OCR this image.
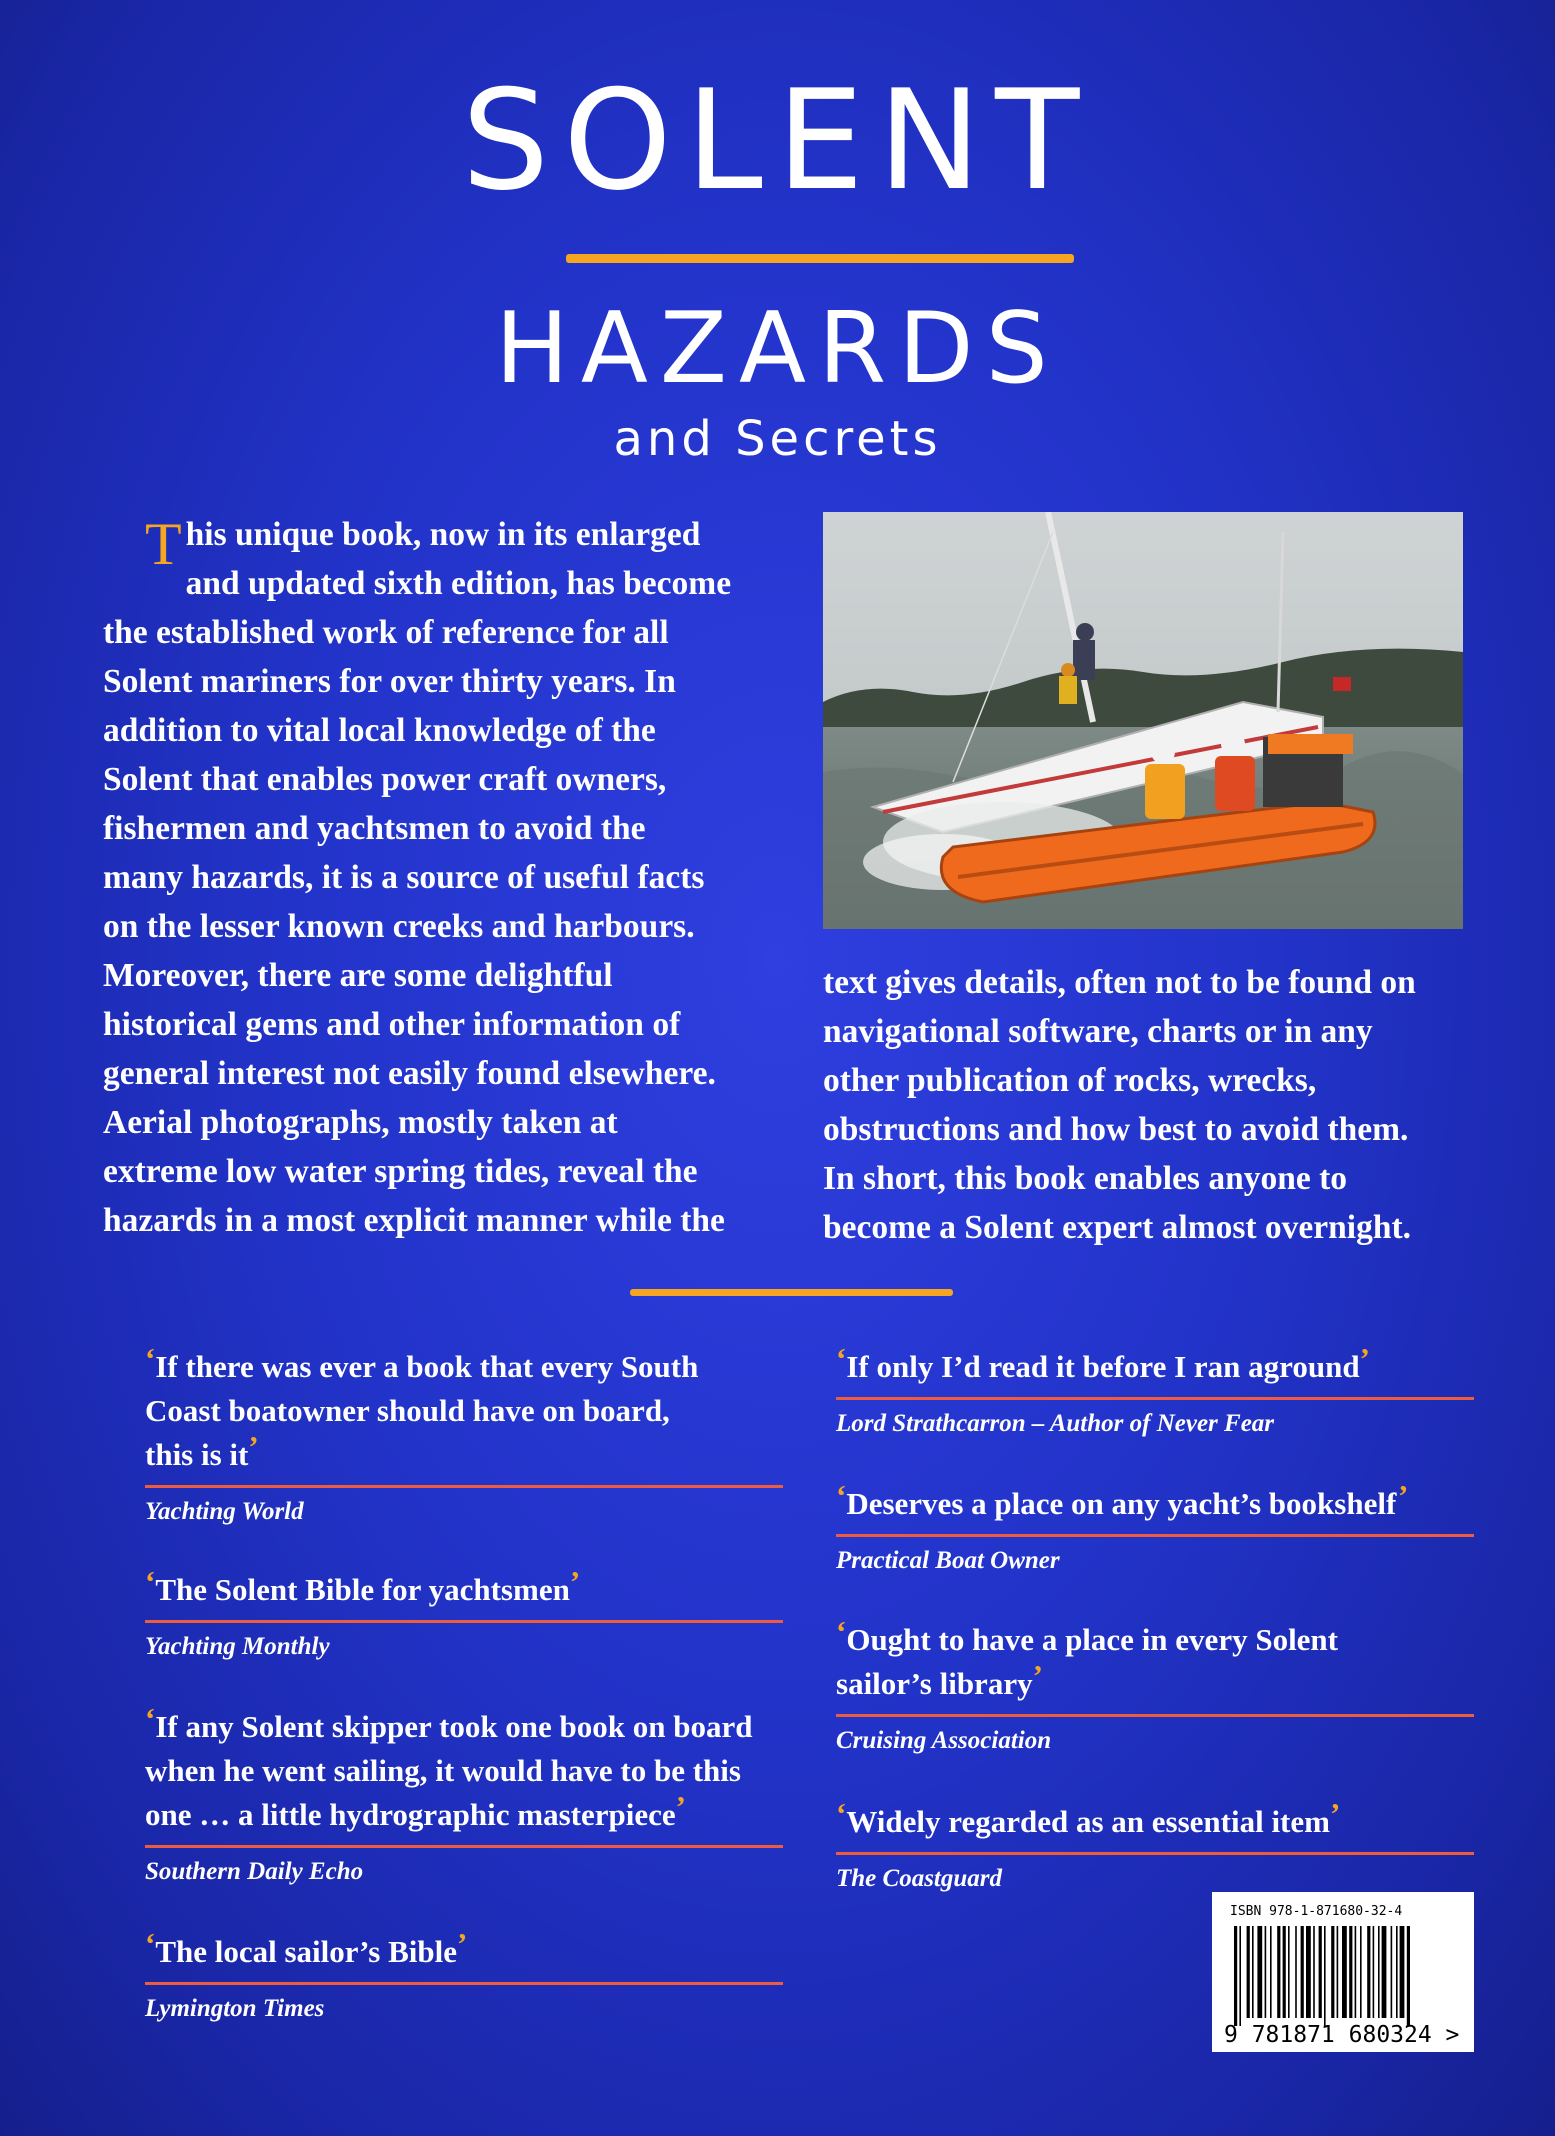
SOLENT
HAZARDS
and Secrets
T his unique book, now in its enlarged
and updated sixth edition, has become
the established work of reference for all
Solent mariners for over thirty years. In
addition to vital local knowledge of the
Solent that enables power craft owners,
fishermen and yachtsmen to avoid the
many hazards, it is a source of useful facts
on the lesser known creeks and harbours.
Moreover, there are some delightful
historical gems and other information of
general interest not easily found elsewhere.
Aerial photographs, mostly taken at
extreme low water spring tides, reveal the
hazards in a most explicit manner while the
text gives details, often not to be found on
navigational software, charts or in any
other publication of rocks, wrecks,
obstructions and how best to avoid them.
In short, this book enables anyone to
become a Solent expert almost overnight.
‘If there was ever a book that every South
Coast boatowner should have on board,
this is it’
Yachting World
‘The Solent Bible for yachtsmen’
Yachting Monthly
‘If any Solent skipper took one book on board
when he went sailing, it would have to be this
one … a little hydrographic masterpiece’
Southern Daily Echo
‘The local sailor’s Bible’
Lymington Times
‘If only I’d read it before I ran aground’
Lord Strathcarron – Author of Never Fear
‘Deserves a place on any yacht’s bookshelf’
Practical Boat Owner
‘Ought to have a place in every Solent
sailor’s library’
Cruising Association
‘Widely regarded as an essential item’
The Coastguard
ISBN 978-1-871680-32-4
9 781871 680324 >
